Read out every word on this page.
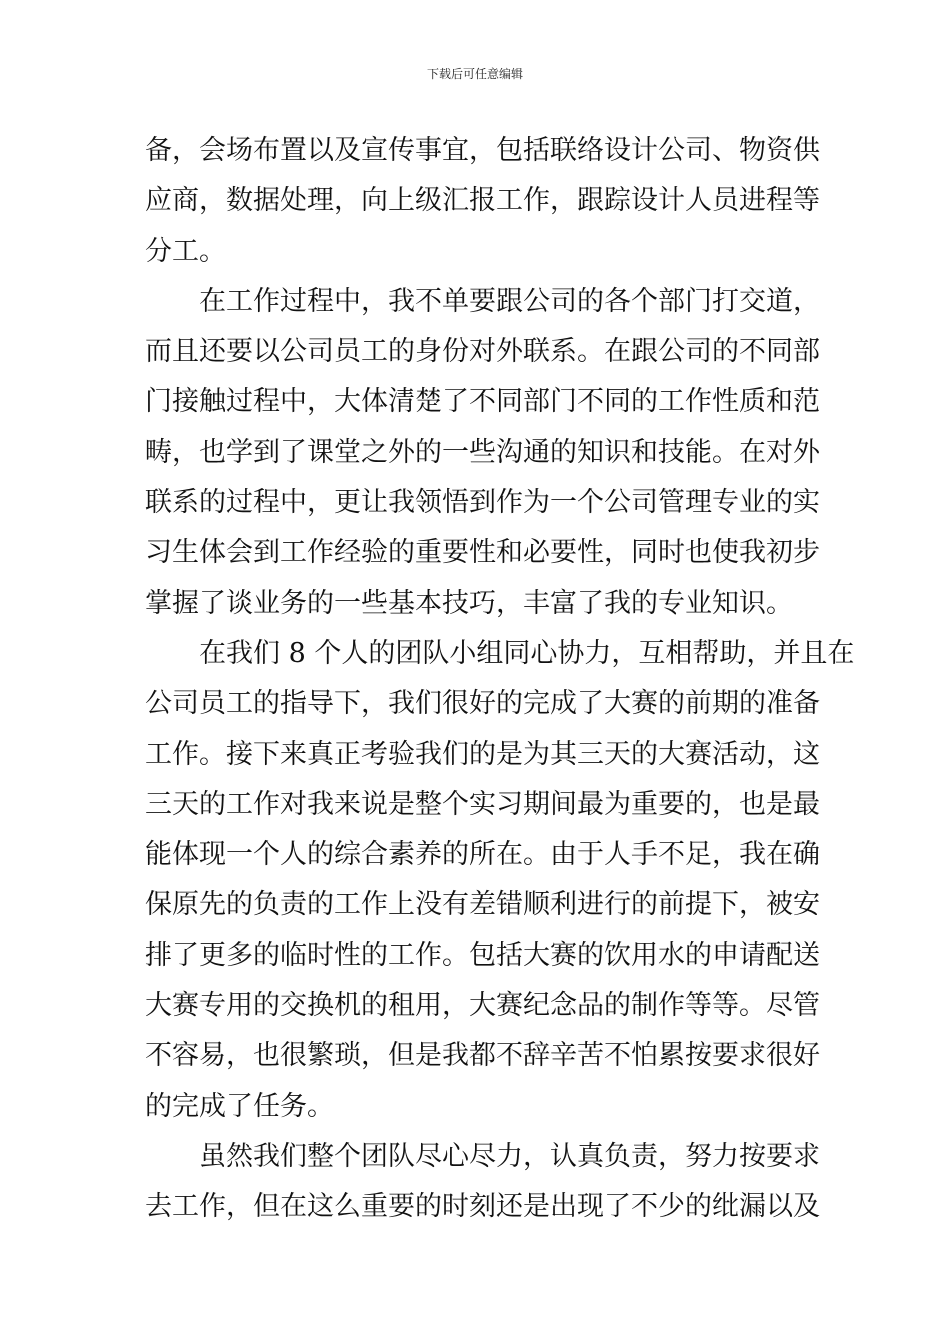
下载后可任意编辑
备，会场布置以及宣传事宜，包括联络设计公司、物资供
应商，数据处理，向上级汇报工作，跟踪设计人员进程等
分工。
在工作过程中，我不单要跟公司的各个部门打交道，
而且还要以公司员工的身份对外联系。在跟公司的不同部
门接触过程中，大体清楚了不同部门不同的工作性质和范
畴，也学到了课堂之外的一些沟通的知识和技能。在对外
联系的过程中，更让我领悟到作为一个公司管理专业的实
习生体会到工作经验的重要性和必要性，同时也使我初步
掌握了谈业务的一些基本技巧，丰富了我的专业知识。
在我们 8 个人的团队小组同心协力，互相帮助，并且在
公司员工的指导下，我们很好的完成了大赛的前期的准备
工作。接下来真正考验我们的是为其三天的大赛活动，这
三天的工作对我来说是整个实习期间最为重要的，也是最
能体现一个人的综合素养的所在。由于人手不足，我在确
保原先的负责的工作上没有差错顺利进行的前提下，被安
排了更多的临时性的工作。包括大赛的饮用水的申请配送
大赛专用的交换机的租用，大赛纪念品的制作等等。尽管
不容易，也很繁琐，但是我都不辞辛苦不怕累按要求很好
的完成了任务。
虽然我们整个团队尽心尽力，认真负责，努力按要求
去工作，但在这么重要的时刻还是出现了不少的纰漏以及
